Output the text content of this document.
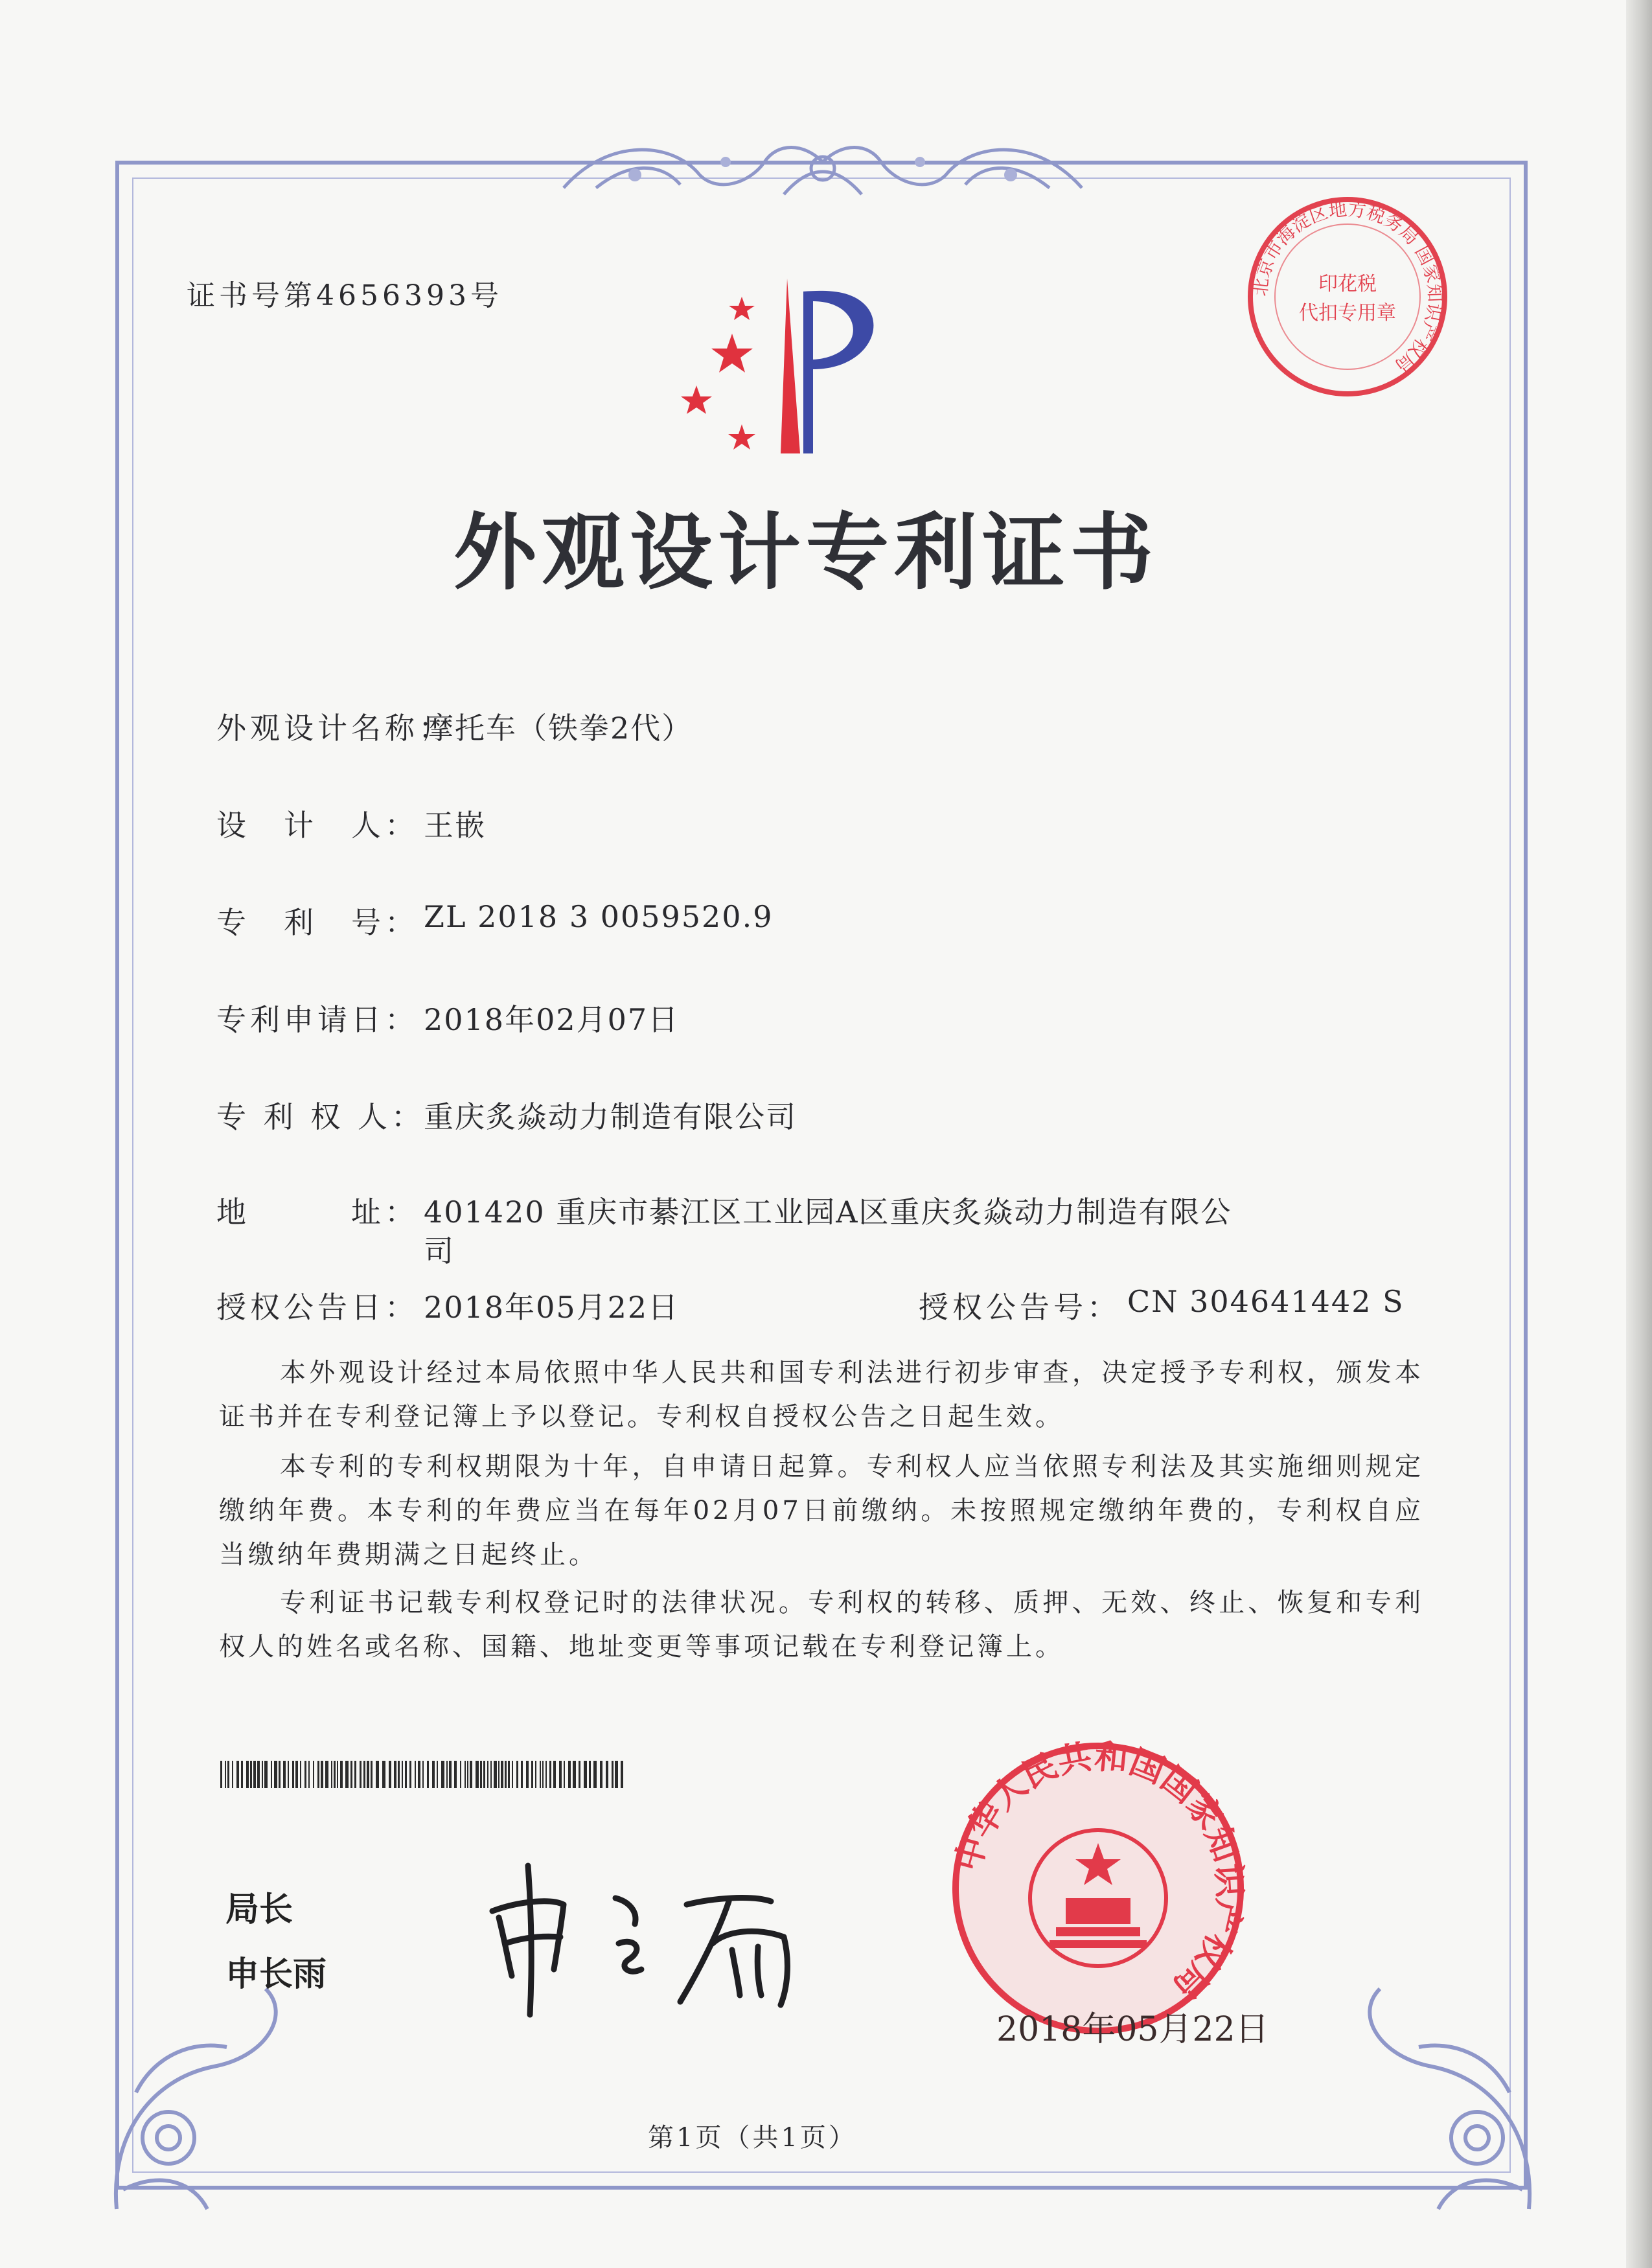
证书号第4656393号	北京市海淀区地方税务局 国家知识产权局
印花税
代扣专用章
外观设计专利证书
外观设计名称：
摩托车（铁拳2代）
设　计　人： 王嵌
专　利　号： ZL 2018 3 0059520.9
专利申请日： 2018年02月07日
专 利 权 人：
重庆炙焱动力制造有限公司
地　　　址： 401420 重庆市綦江区工业园A区重庆炙焱动力制造有限公
司
授权公告日： 2018年05月22日	授权公告号： CN 304641442 S
本外观设计经过本局依照中华人民共和国专利法进行初步审查，决定授予专利权，颁发本证书并在专利登记簿上予以登记。专利权自授权公告之日起生效。
本专利的专利权期限为十年，自申请日起算。专利权人应当依照专利法及其实施细则规定缴纳年费。本专利的年费应当在每年02月07日前缴纳。未按照规定缴纳年费的，专利权自应当缴纳年费期满之日起终止。
专利证书记载专利权登记时的法律状况。专利权的转移、质押、无效、终止、恢复和专利权人的姓名或名称、国籍、地址变更等事项记载在专利登记簿上。
局长
申长雨
中华人民共和国国家知识产权局
2018年05月22日
第1页（共1页）
